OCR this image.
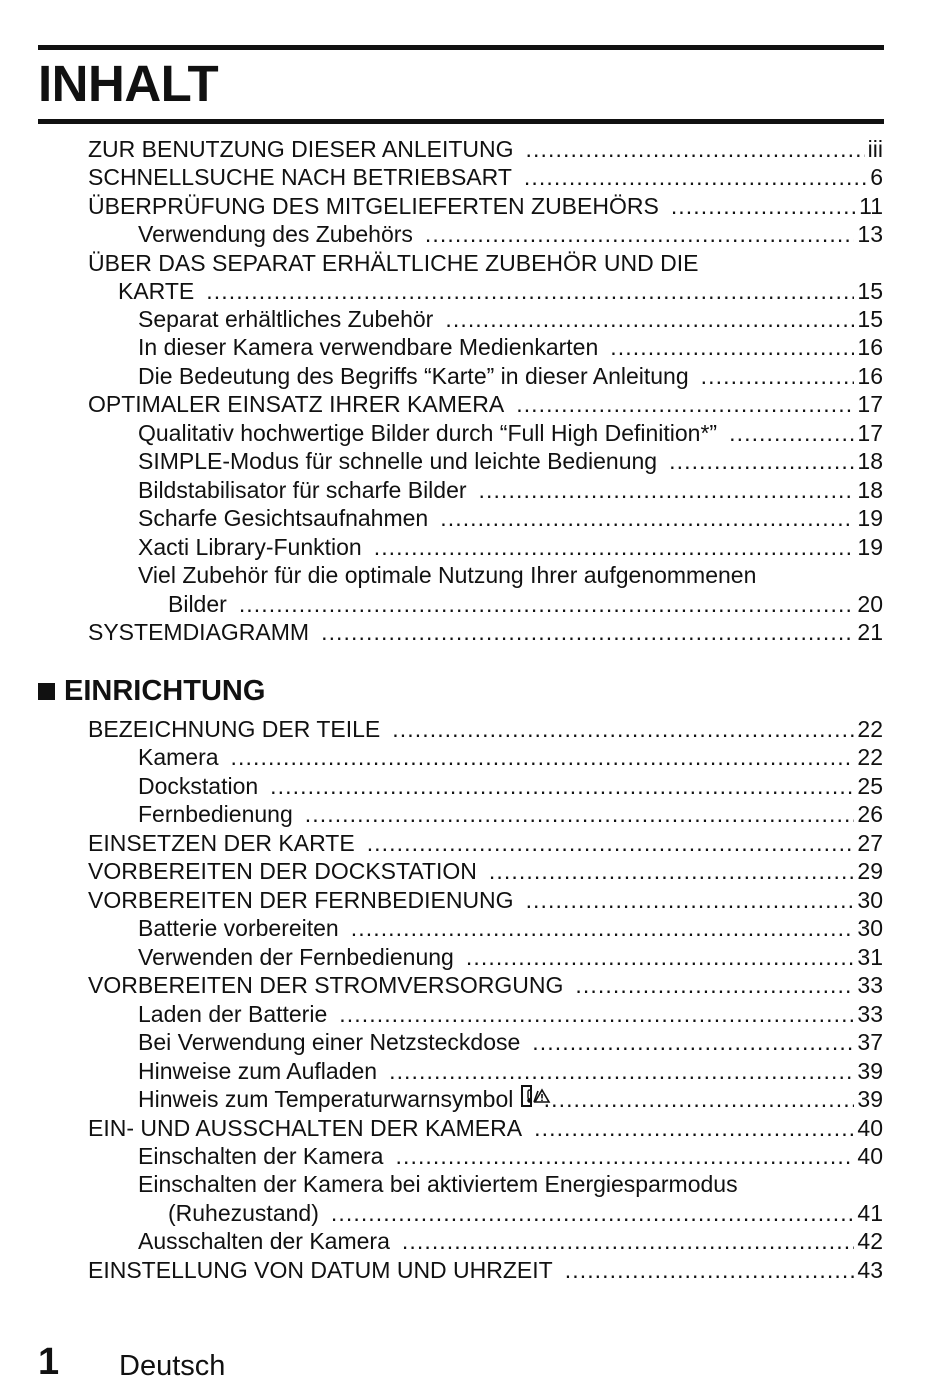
INHALT
ZUR BENUTZUNG DIESER ANLEITUNG .....	iii
SCHNELLSUCHE NACH BETRIEBSART .....	6
ÜBERPRÜFUNG DES MITGELIEFERTEN ZUBEHÖRS .....	11
Verwendung des Zubehörs .....	13
ÜBER DAS SEPARAT ERHÄLTLICHE ZUBEHÖR UND DIE
KARTE .....	15
Separat erhältliches Zubehör .....	15
In dieser Kamera verwendbare Medienkarten .....	16
Die Bedeutung des Begriffs “Karte” in dieser Anleitung .....	16
OPTIMALER EINSATZ IHRER KAMERA .....	17
Qualitativ hochwertige Bilder durch “Full High Definition*” .....	17
SIMPLE-Modus für schnelle und leichte Bedienung .....	18
Bildstabilisator für scharfe Bilder .....	18
Scharfe Gesichtsaufnahmen .....	19
Xacti Library-Funktion .....	19
Viel Zubehör für die optimale Nutzung Ihrer aufgenommenen
Bilder .....	20
SYSTEMDIAGRAMM .....	21
EINRICHTUNG
BEZEICHNUNG DER TEILE .....	22
Kamera .....	22
Dockstation .....	25
Fernbedienung .....	26
EINSETZEN DER KARTE .....	27
VORBEREITEN DER DOCKSTATION .....	29
VORBEREITEN DER FERNBEDIENUNG .....	30
Batterie vorbereiten .....	30
Verwenden der Fernbedienung .....	31
VORBEREITEN DER STROMVERSORGUNG .....	33
Laden der Batterie .....	33
Bei Verwendung einer Netzsteckdose .....	37
Hinweise zum Aufladen .....	39
Hinweis zum Temperaturwarnsymbol .....	39
EIN- UND AUSSCHALTEN DER KAMERA .....	40
Einschalten der Kamera .....	40
Einschalten der Kamera bei aktiviertem Energiesparmodus
(Ruhezustand) .....	41
Ausschalten der Kamera .....	42
EINSTELLUNG VON DATUM UND UHRZEIT .....	43
1 Deutsch
